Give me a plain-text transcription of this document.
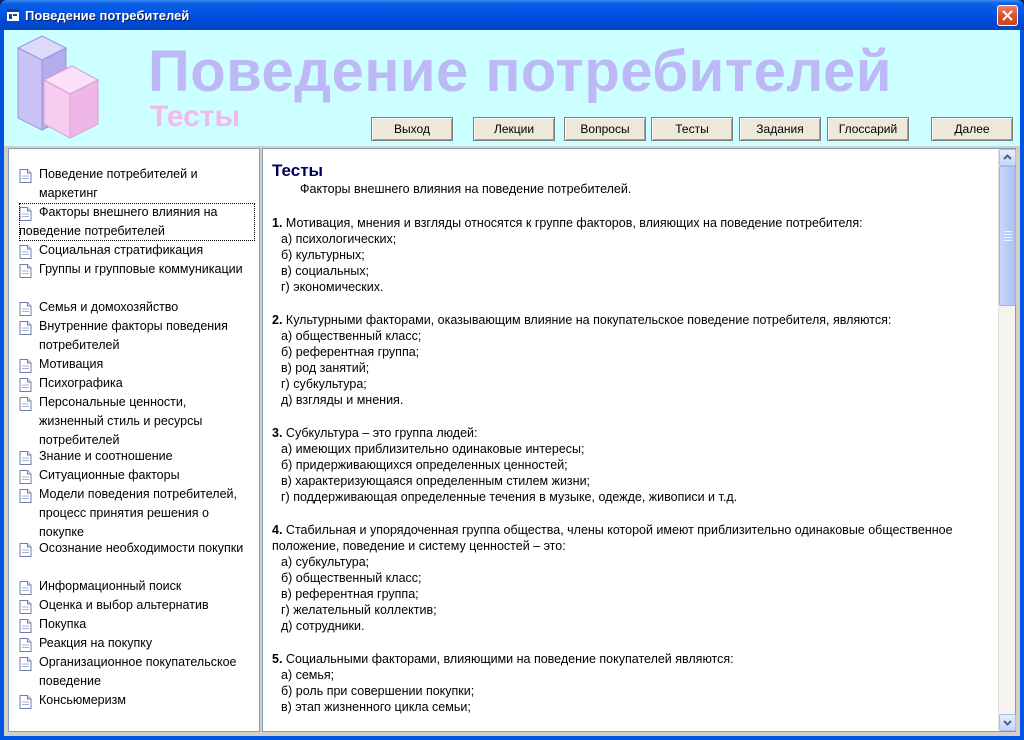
Поведение потребителей
Поведение потребителей
Тесты	Выход	Лекции	Вопросы	Тесты	Задания	Глоссарий	Далее
Поведение потребителей и маркетинг
Факторы внешнего влияния на поведение потребителей
Социальная стратификация
Группы и групповые коммуникации
Семья и домохозяйство
Внутренние факторы поведения потребителей
Мотивация
Психографика
Персональные ценности, жизненный стиль и ресурсы потребителей
Знание и соотношение
Ситуационные факторы
Модели поведения потребителей, процесс принятия решения о покупке
Осознание необходимости покупки
Информационный поиск
Оценка и выбор альтернатив
Покупка
Реакция на покупку
Организационное покупательское поведение
Консьюмеризм
Тесты
Факторы внешнего влияния на поведение потребителей.
1. Мотивация, мнения и взгляды относятся к группе факторов, влияющих на поведение потребителя:
а) психологических;
б) культурных;
в) социальных;
г) экономических.
2. Культурными факторами, оказывающим влияние на покупательское поведение потребителя, являются:
а) общественный класс;
б) референтная группа;
в) род занятий;
г) субкультура;
д) взгляды и мнения.
3. Субкультура – это группа людей:
а) имеющих приблизительно одинаковые интересы;
б) придерживающихся определенных ценностей;
в) характеризующаяся определенным стилем жизни;
г) поддерживающая определенные течения в музыке, одежде, живописи и т.д.
4. Стабильная и упорядоченная группа общества, члены которой имеют приблизительно одинаковые общественное положение, поведение и систему ценностей – это:
а) субкультура;
б) общественный класс;
в) референтная группа;
г) желательный коллектив;
д) сотрудники.
5. Социальными факторами, влияющими на поведение покупателей являются:
а) семья;
б) роль при совершении покупки;
в) этап жизненного цикла семьи;
